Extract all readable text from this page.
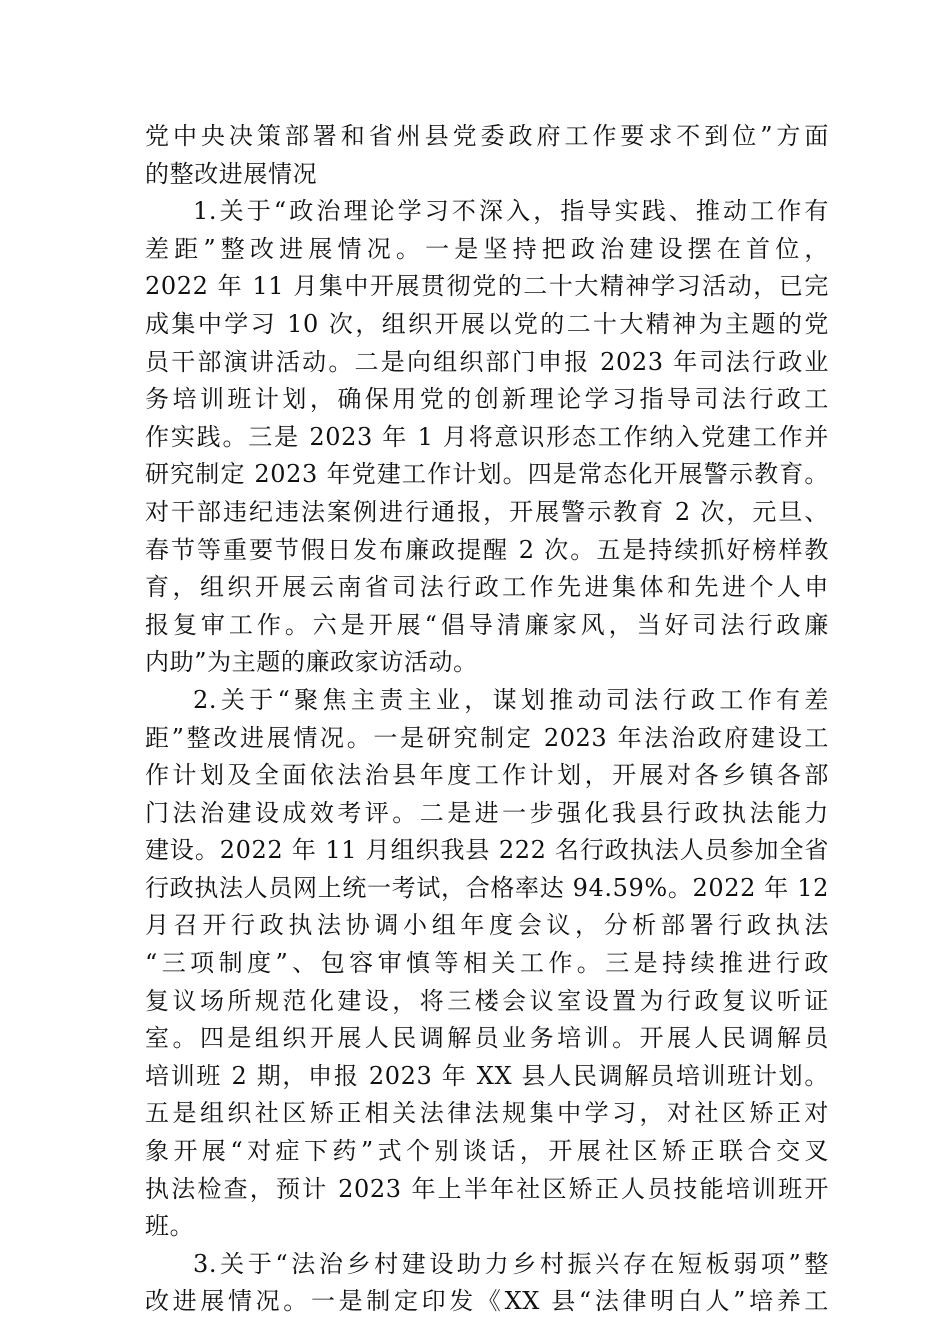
党中央决策部署和省州县党委政府工作要求不到位”方面
的整改进展情况
1.关于“政治理论学习不深入，指导实践、推动工作有
差距”整改进展情况。一是坚持把政治建设摆在首位，
2022 年 11 月集中开展贯彻党的二十大精神学习活动，已完
成集中学习 10 次，组织开展以党的二十大精神为主题的党
员干部演讲活动。二是向组织部门申报 2023 年司法行政业
务培训班计划，确保用党的创新理论学习指导司法行政工
作实践。三是 2023 年 1 月将意识形态工作纳入党建工作并
研究制定 2023 年党建工作计划。四是常态化开展警示教育。
对干部违纪违法案例进行通报，开展警示教育 2 次，元旦、
春节等重要节假日发布廉政提醒 2 次。五是持续抓好榜样教
育，组织开展云南省司法行政工作先进集体和先进个人申
报复审工作。六是开展“倡导清廉家风，当好司法行政廉
内助”为主题的廉政家访活动。
2.关于“聚焦主责主业，谋划推动司法行政工作有差
距”整改进展情况。一是研究制定 2023 年法治政府建设工
作计划及全面依法治县年度工作计划，开展对各乡镇各部
门法治建设成效考评。二是进一步强化我县行政执法能力
建设。2022 年 11 月组织我县 222 名行政执法人员参加全省
行政执法人员网上统一考试，合格率达 94.59%。2022 年 12
月召开行政执法协调小组年度会议，分析部署行政执法
“三项制度”、包容审慎等相关工作。三是持续推进行政
复议场所规范化建设，将三楼会议室设置为行政复议听证
室。四是组织开展人民调解员业务培训。开展人民调解员
培训班 2 期，申报 2023 年 XX 县人民调解员培训班计划。
五是组织社区矫正相关法律法规集中学习，对社区矫正对
象开展“对症下药”式个别谈话，开展社区矫正联合交叉
执法检查，预计 2023 年上半年社区矫正人员技能培训班开
班。
3.关于“法治乡村建设助力乡村振兴存在短板弱项”整
改进展情况。一是制定印发《XX 县“法律明白人”培养工
